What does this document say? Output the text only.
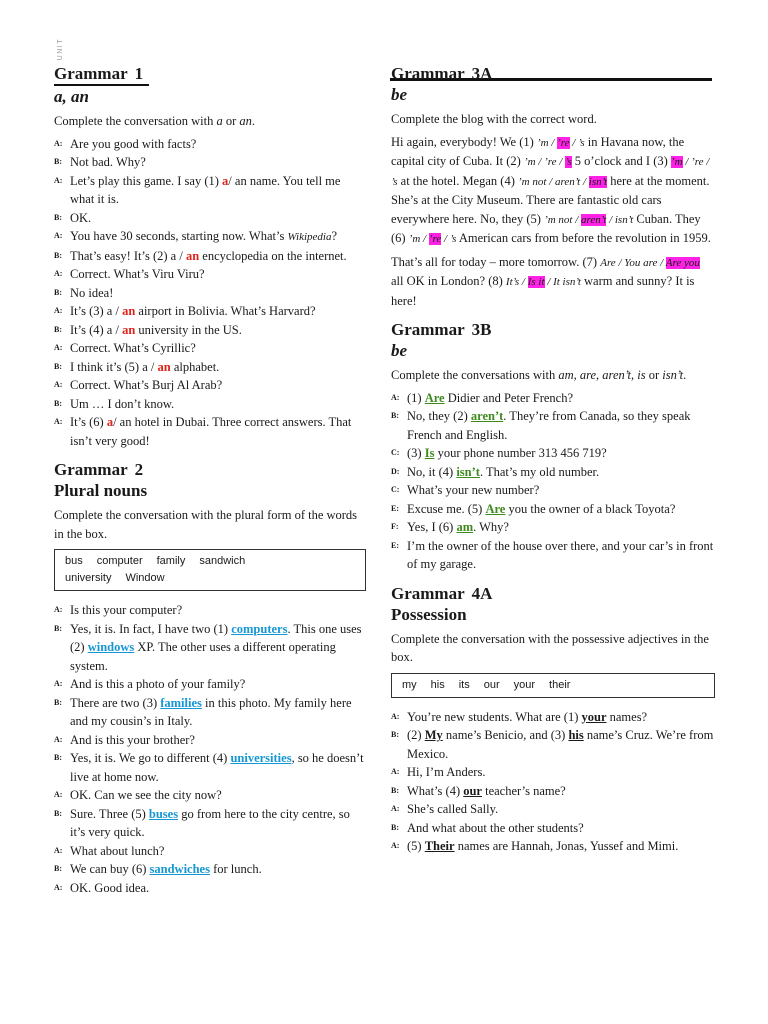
UNIT
Grammar 1
a, an
Complete the conversation with a or an.
A: Are you good with facts?
B: Not bad. Why?
A: Let’s play this game. I say (1) a/ an name. You tell me what it is.
B: OK.
A: You have 30 seconds, starting now. What’s Wikipedia?
B: That’s easy! It’s (2) a / an encyclopedia on the internet.
A: Correct. What’s Viru Viru?
B: No idea!
A: It’s (3) a / an airport in Bolivia. What’s Harvard?
B: It’s (4) a / an university in the US.
A: Correct. What’s Cyrillic?
B: I think it’s (5) a / an alphabet.
A: Correct. What’s Burj Al Arab?
B: Um … I don’t know.
A: It’s (6) a/ an hotel in Dubai. Three correct answers. That isn’t very good!
Grammar 2
Plural nouns
Complete the conversation with the plural form of the words in the box.
bus computer family sandwich
university Window
A: Is this your computer?
B: Yes, it is. In fact, I have two (1) computers. This one uses (2) windows XP. The other uses a different operating system.
A: And is this a photo of your family?
B: There are two (3) families in this photo. My family here and my cousin’s in Italy.
A: And is this your brother?
B: Yes, it is. We go to different (4) universities, so he doesn’t live at home now.
A: OK. Can we see the city now?
B: Sure. Three (5) buses go from here to the city centre, so it’s very quick.
A: What about lunch?
B: We can buy (6) sandwiches for lunch.
A: OK. Good idea.
Grammar 3A
be
Complete the blog with the correct word.

Hi again, everybody! We (1) ’m / ’re / ’s in Havana now, the capital city of Cuba. It (2) ’m / ’re / ’s 5 o’clock and I (3) ’m / ’re / ’s at the hotel. Megan (4) ’m not / aren’t / isn’t here at the moment. She’s at the City Museum. There are fantastic old cars everywhere here. No, they (5) ’m not / aren’t / isn’t Cuban. They (6) ’m / ’re / ’s American cars from before the revolution in 1959.

That’s all for today – more tomorrow. (7) Are / You are / Are you all OK in London? (8) It’s / Is it / It isn’t warm and sunny? It is here!

Grammar 3B
be
Complete the conversations with am, are, aren’t, is or isn’t.
A: (1) Are Didier and Peter French?
B: No, they (2) aren’t. They’re from Canada, so they speak French and English.
C: (3) Is your phone number 313 456 719?
D: No, it (4) isn’t. That’s my old number.
C: What’s your new number?
E: Excuse me. (5) Are you the owner of a black Toyota?
F: Yes, I (6) am. Why?
E: I’m the owner of the house over there, and your car’s in front of my garage.
Grammar 4A
Possession
Complete the conversation with the possessive adjectives in the box.
my his its our your their
A: You’re new students. What are (1) your names?
B: (2) My name’s Benicio, and (3) his name’s Cruz. We’re from Mexico.
A: Hi, I’m Anders.
B: What’s (4) our teacher’s name?
A: She’s called Sally.
B: And what about the other students?
A: (5) Their names are Hannah, Jonas, Yussef and Mimi.
